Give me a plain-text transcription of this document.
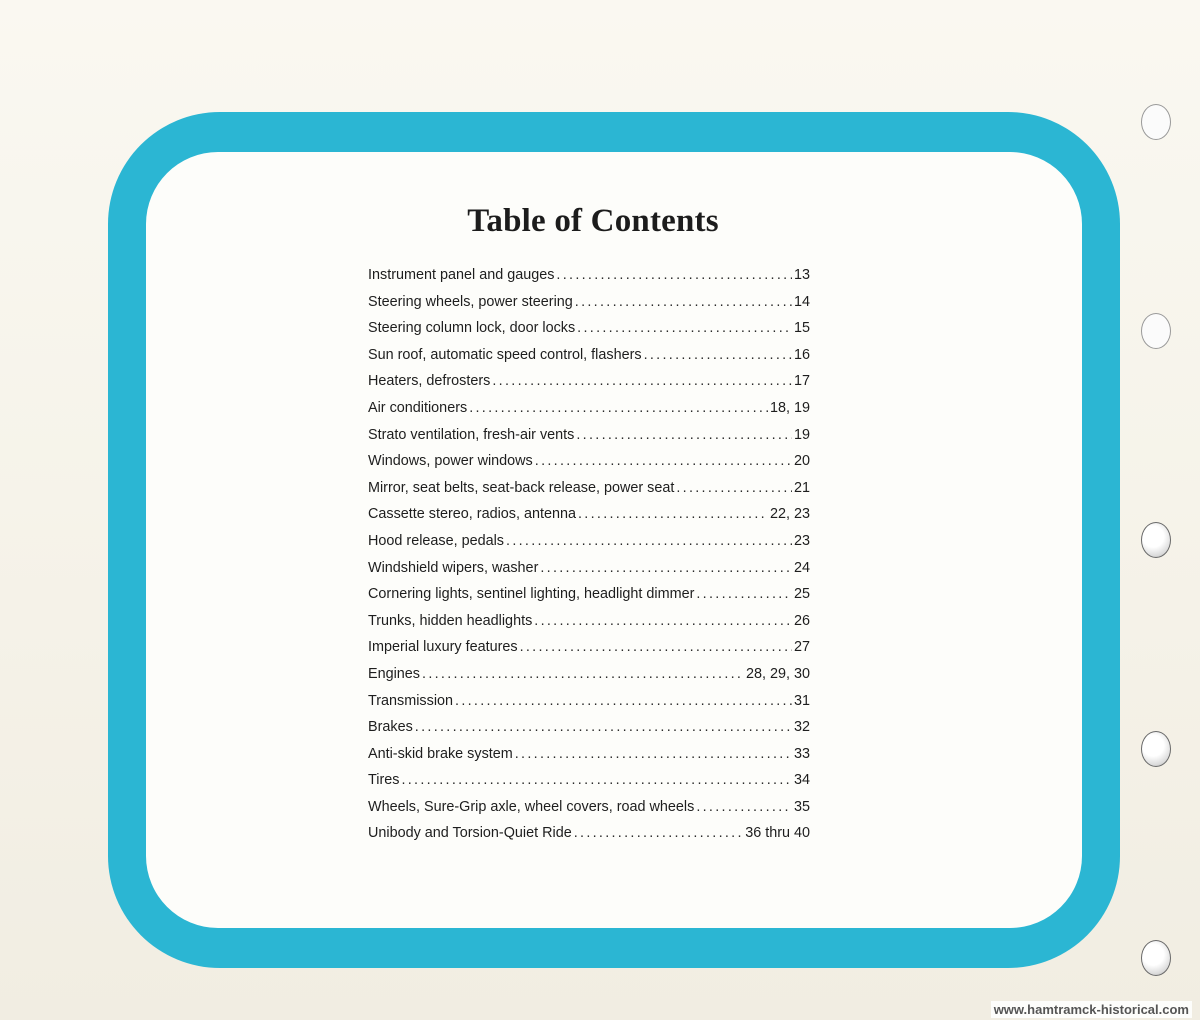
Table of Contents
Instrument panel and gauges .....	13
Steering wheels, power steering .....	14
Steering column lock, door locks .....	15
Sun roof, automatic speed control, flashers .....	16
Heaters, defrosters .....	17
Air conditioners .....	18, 19
Strato ventilation, fresh-air vents .....	19
Windows, power windows .....	20
Mirror, seat belts, seat-back release, power seat .....	21
Cassette stereo, radios, antenna .....	22, 23
Hood release, pedals .....	23
Windshield wipers, washer .....	24
Cornering lights, sentinel lighting, headlight dimmer .....	25
Trunks, hidden headlights .....	26
Imperial luxury features .....	27
Engines .....	28, 29, 30
Transmission .....	31
Brakes .....	32
Anti-skid brake system .....	33
Tires .....	34
Wheels, Sure-Grip axle, wheel covers, road wheels .....	35
Unibody and Torsion-Quiet Ride .....	36 thru 40
www.hamtramck-historical.com
